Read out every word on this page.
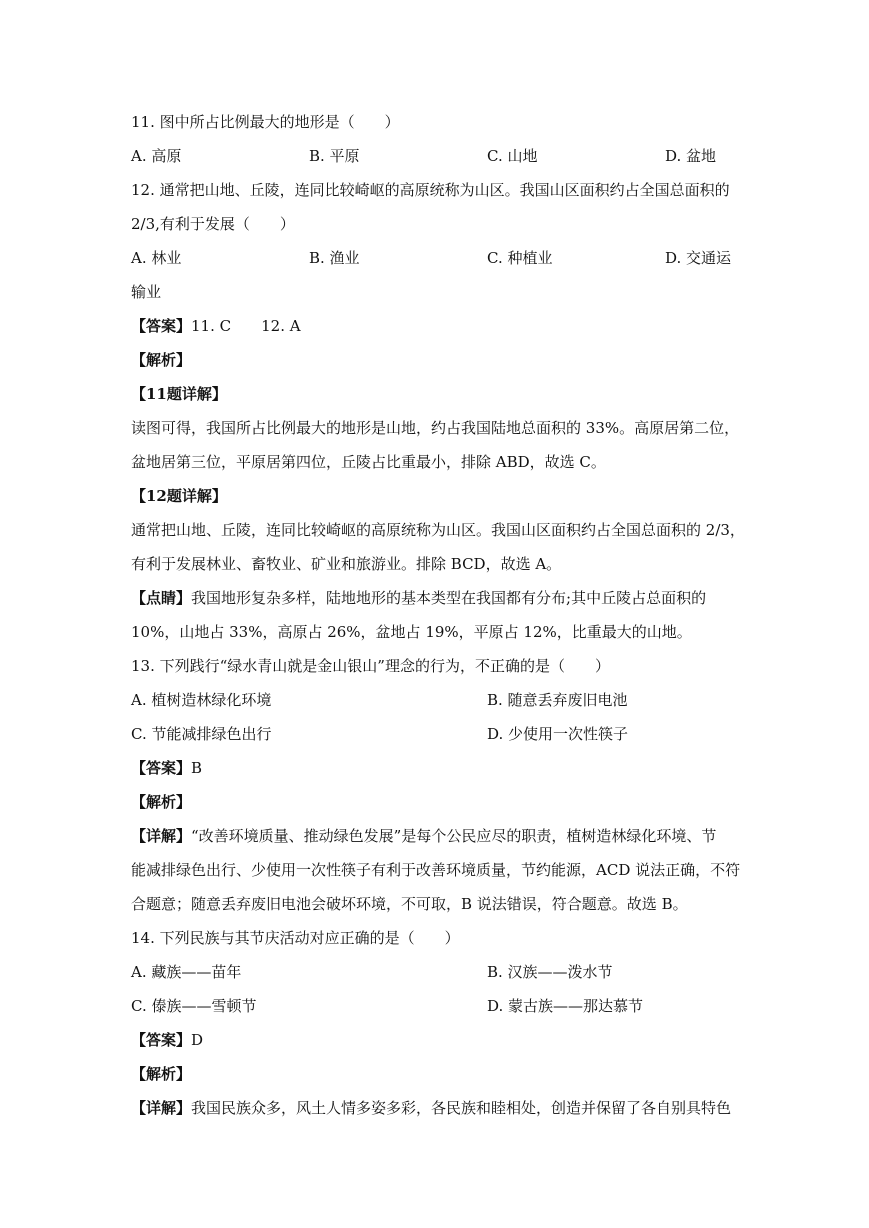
11. 图中所占比例最大的地形是（　　）
A. 高原	B. 平原	C. 山地	D. 盆地
12. 通常把山地、丘陵，连同比较崎岖的高原统称为山区。我国山区面积约占全国总面积的
2/3,有利于发展（　　）
A. 林业	B. 渔业	C. 种植业	D. 交通运
输业
【答案】11. C　　12. A
【解析】
【11题详解】
读图可得，我国所占比例最大的地形是山地，约占我国陆地总面积的 33%。高原居第二位，
盆地居第三位，平原居第四位，丘陵占比重最小，排除 ABD，故选 C。
【12题详解】
通常把山地、丘陵，连同比较崎岖的高原统称为山区。我国山区面积约占全国总面积的 2/3，
有利于发展林业、畜牧业、矿业和旅游业。排除 BCD，故选 A。
【点睛】我国地形复杂多样，陆地地形的基本类型在我国都有分布;其中丘陵占总面积的
10%，山地占 33%，高原占 26%，盆地占 19%，平原占 12%，比重最大的山地。
13. 下列践行“绿水青山就是金山银山”理念的行为，不正确的是（　　）
A. 植树造林绿化环境	B. 随意丢弃废旧电池
C. 节能减排绿色出行	D. 少使用一次性筷子
【答案】B
【解析】
【详解】“改善环境质量、推动绿色发展”是每个公民应尽的职责，植树造林绿化环境、节
能减排绿色出行、少使用一次性筷子有利于改善环境质量，节约能源，ACD 说法正确，不符
合题意；随意丢弃废旧电池会破坏环境，不可取，B 说法错误，符合题意。故选 B。
14. 下列民族与其节庆活动对应正确的是（　　）
A. 藏族——苗年	B. 汉族——泼水节
C. 傣族——雪顿节	D. 蒙古族——那达慕节
【答案】D
【解析】
【详解】我国民族众多，风土人情多姿多彩，各民族和睦相处，创造并保留了各自别具特色
